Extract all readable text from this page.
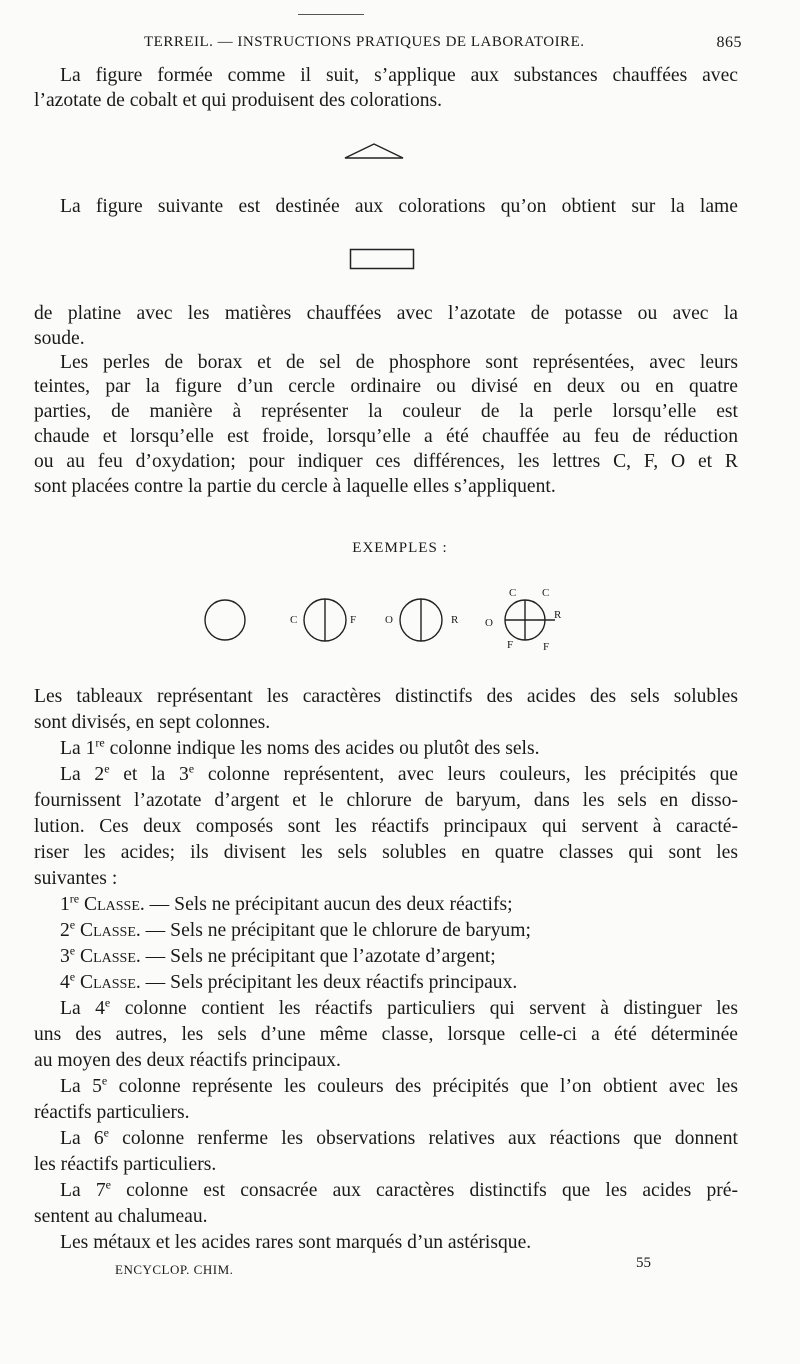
TERREIL. — INSTRUCTIONS PRATIQUES DE LABORATOIRE.	865
La figure formée comme il suit, s’applique aux substances chauffées avec
l’azotate de cobalt et qui produisent des colorations.
La figure suivante est destinée aux colorations qu’on obtient sur la lame
de platine avec les matières chauffées avec l’azotate de potasse ou avec la
soude.
Les perles de borax et de sel de phosphore sont représentées, avec leurs
teintes, par la figure d’un cercle ordinaire ou divisé en deux ou en quatre
parties, de manière à représenter la couleur de la perle lorsqu’elle est
chaude et lorsqu’elle est froide, lorsqu’elle a été chauffée au feu de réduction
ou au feu d’oxydation; pour indiquer ces différences, les lettres C, F, O et R
sont placées contre la partie du cercle à laquelle elles s’appliquent.
EXEMPLES :
C	F	O	R
C C
O
R
F	F
Les tableaux représentant les caractères distinctifs des acides des sels solubles
sont divisés, en sept colonnes.
La 1re colonne indique les noms des acides ou plutôt des sels.
La 2e et la 3e colonne représentent, avec leurs couleurs, les précipités que
fournissent l’azotate d’argent et le chlorure de baryum, dans les sels en disso-
lution. Ces deux composés sont les réactifs principaux qui servent à caracté-
riser les acides; ils divisent les sels solubles en quatre classes qui sont les
suivantes :
1re Classe. — Sels ne précipitant aucun des deux réactifs;
2e Classe. — Sels ne précipitant que le chlorure de baryum;
3e Classe. — Sels ne précipitant que l’azotate d’argent;
4e Classe. — Sels précipitant les deux réactifs principaux.
La 4e colonne contient les réactifs particuliers qui servent à distinguer les
uns des autres, les sels d’une même classe, lorsque celle-ci a été déterminée
au moyen des deux réactifs principaux.
La 5e colonne représente les couleurs des précipités que l’on obtient avec les
réactifs particuliers.
La 6e colonne renferme les observations relatives aux réactions que donnent
les réactifs particuliers.
La 7e colonne est consacrée aux caractères distinctifs que les acides pré-
sentent au chalumeau.
Les métaux et les acides rares sont marqués d’un astérisque.
ENCYCLOP. CHIM.	55
